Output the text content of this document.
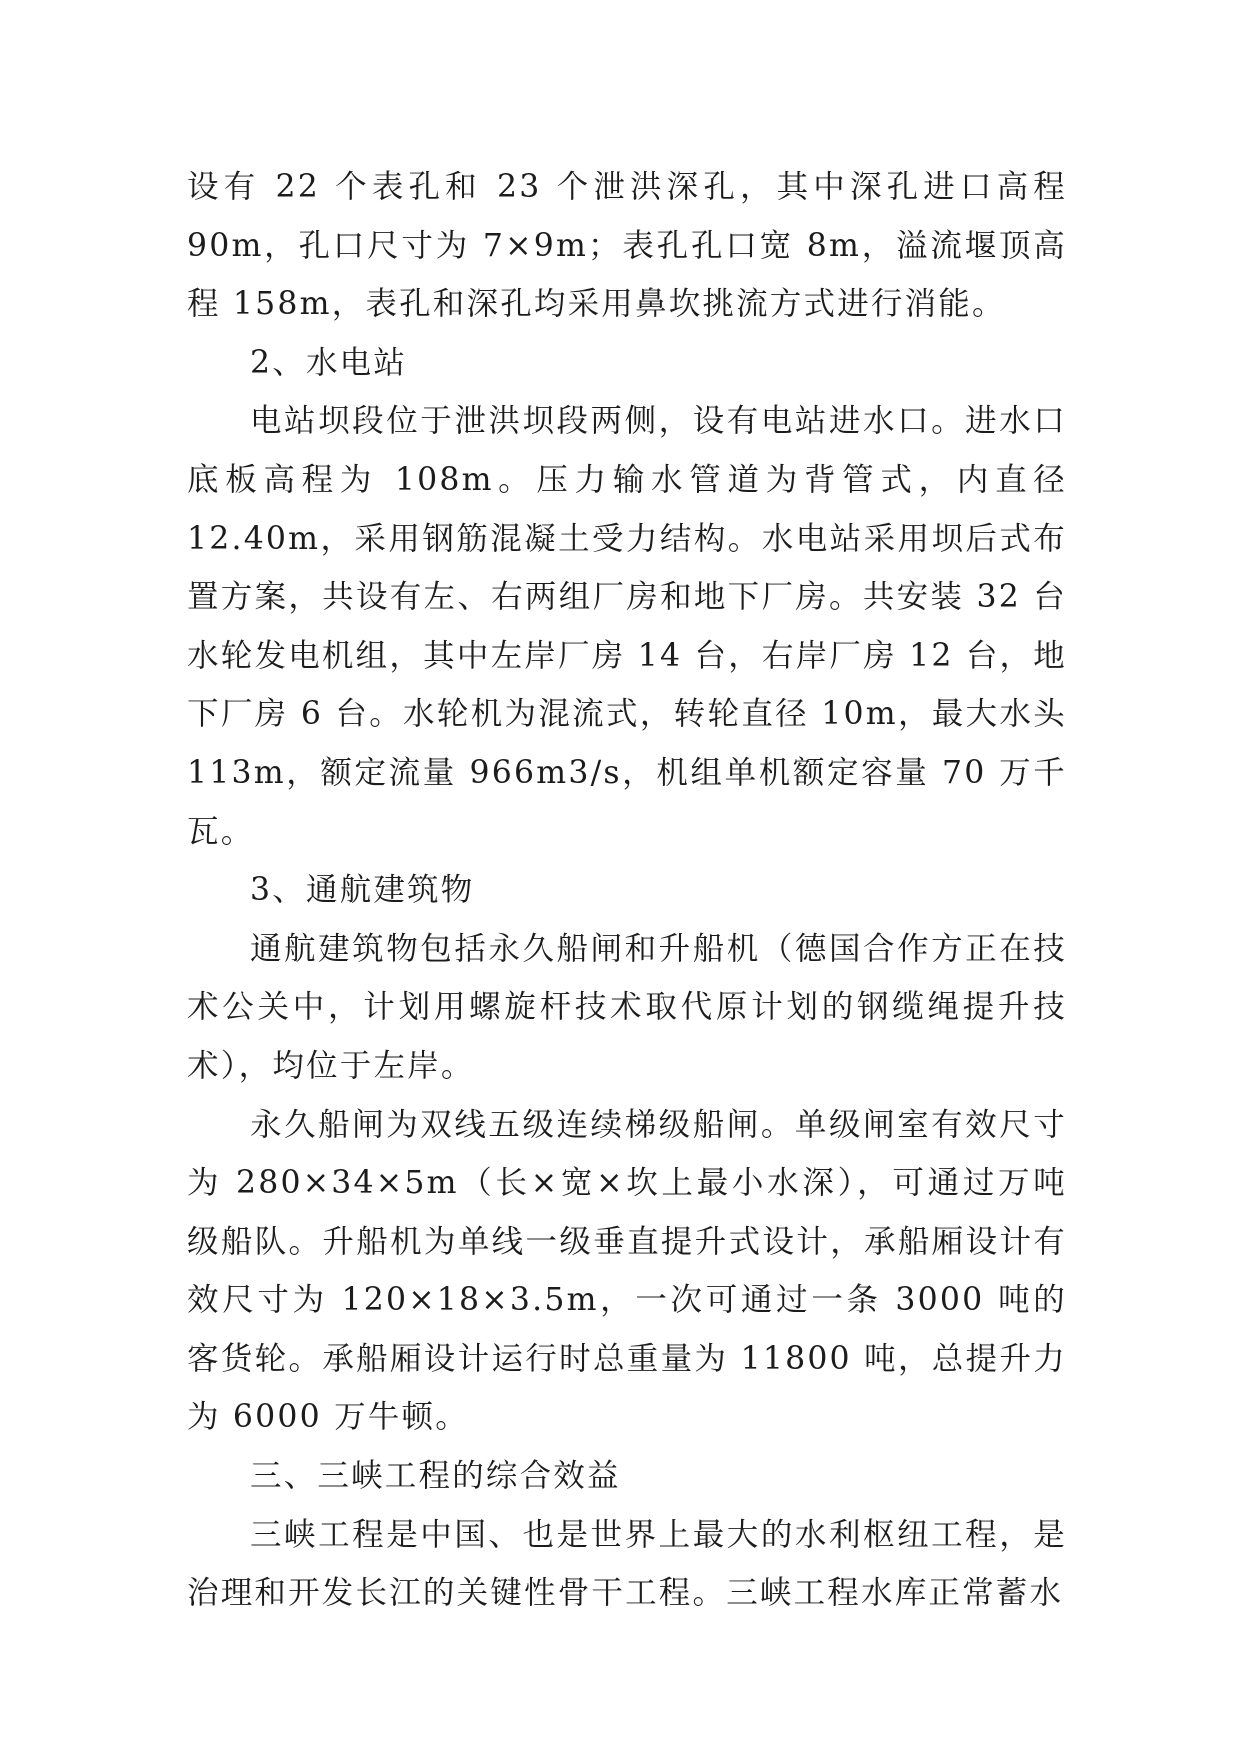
设有 22 个表孔和 23 个泄洪深孔，其中深孔进口高程 90m，孔口尺寸为 7×9m；表孔孔口宽 8m，溢流堰顶高程 158m，表孔和深孔均采用鼻坎挑流方式进行消能。

2、水电站

电站坝段位于泄洪坝段两侧，设有电站进水口。进水口底板高程为 108m。压力输水管道为背管式，内直径 12.40m，采用钢筋混凝土受力结构。水电站采用坝后式布置方案，共设有左、右两组厂房和地下厂房。共安装 32 台水轮发电机组，其中左岸厂房 14 台，右岸厂房 12 台，地下厂房 6 台。水轮机为混流式，转轮直径 10m，最大水头 113m，额定流量 966m3/s，机组单机额定容量 70 万千瓦。

3、通航建筑物

通航建筑物包括永久船闸和升船机（德国合作方正在技术公关中，计划用螺旋杆技术取代原计划的钢缆绳提升技术），均位于左岸。

永久船闸为双线五级连续梯级船闸。单级闸室有效尺寸为 280×34×5m（长×宽×坎上最小水深），可通过万吨级船队。升船机为单线一级垂直提升式设计，承船厢设计有效尺寸为 120×18×3.5m，一次可通过一条 3000 吨的客货轮。承船厢设计运行时总重量为 11800 吨，总提升力为 6000 万牛顿。

三、三峡工程的综合效益

三峡工程是中国、也是世界上最大的水利枢纽工程，是治理和开发长江的关键性骨干工程。三峡工程水库正常蓄水
